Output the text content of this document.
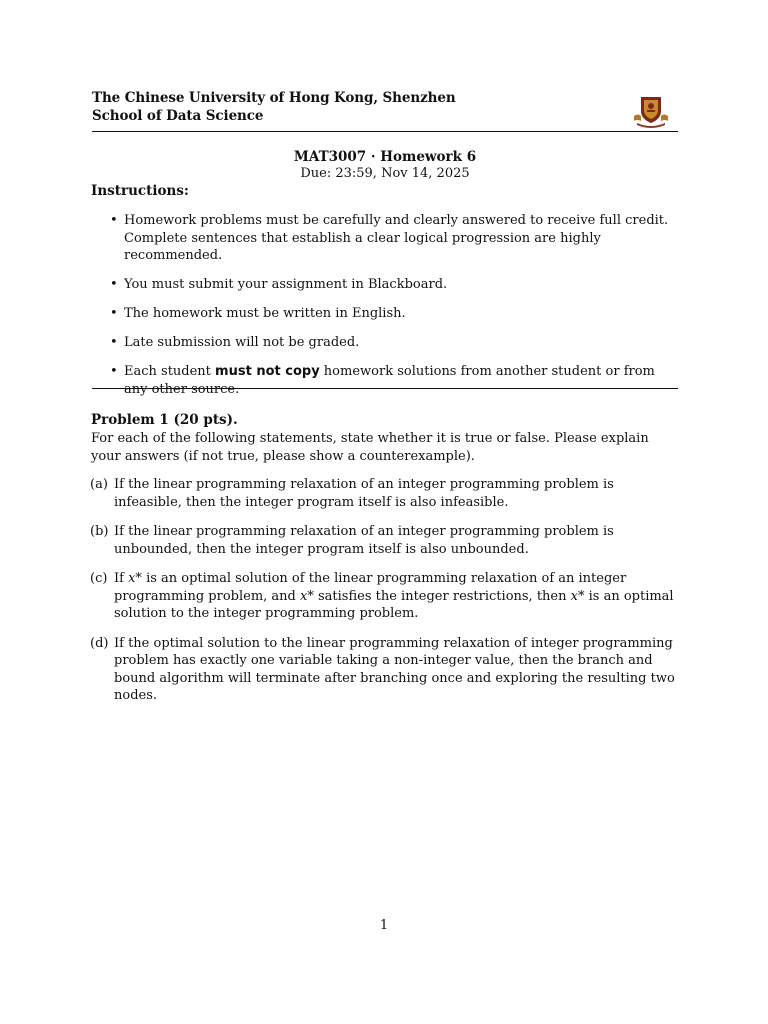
The Chinese University of Hong Kong, Shenzhen
School of Data Science
MAT3007 · Homework 6
Due: 23:59, Nov 14, 2025
Instructions:
• Homework problems must be carefully and clearly answered to receive full credit. Complete sentences that establish a clear logical progression are highly recommended.
• You must submit your assignment in Blackboard.
• The homework must be written in English.
• Late submission will not be graded.
• Each student must not copy homework solutions from another student or from any other source.
Problem 1 (20 pts).
For each of the following statements, state whether it is true or false. Please explain your answers (if not true, please show a counterexample).
(a) If the linear programming relaxation of an integer programming problem is infeasible, then the integer program itself is also infeasible.
(b) If the linear programming relaxation of an integer programming problem is unbounded, then the integer program itself is also unbounded.
(c) If x* is an optimal solution of the linear programming relaxation of an integer programming problem, and x* satisfies the integer restrictions, then x* is an optimal solution to the integer programming problem.
(d) If the optimal solution to the linear programming relaxation of integer programming problem has exactly one variable taking a non-integer value, then the branch and bound algorithm will terminate after branching once and exploring the resulting two nodes.
1
